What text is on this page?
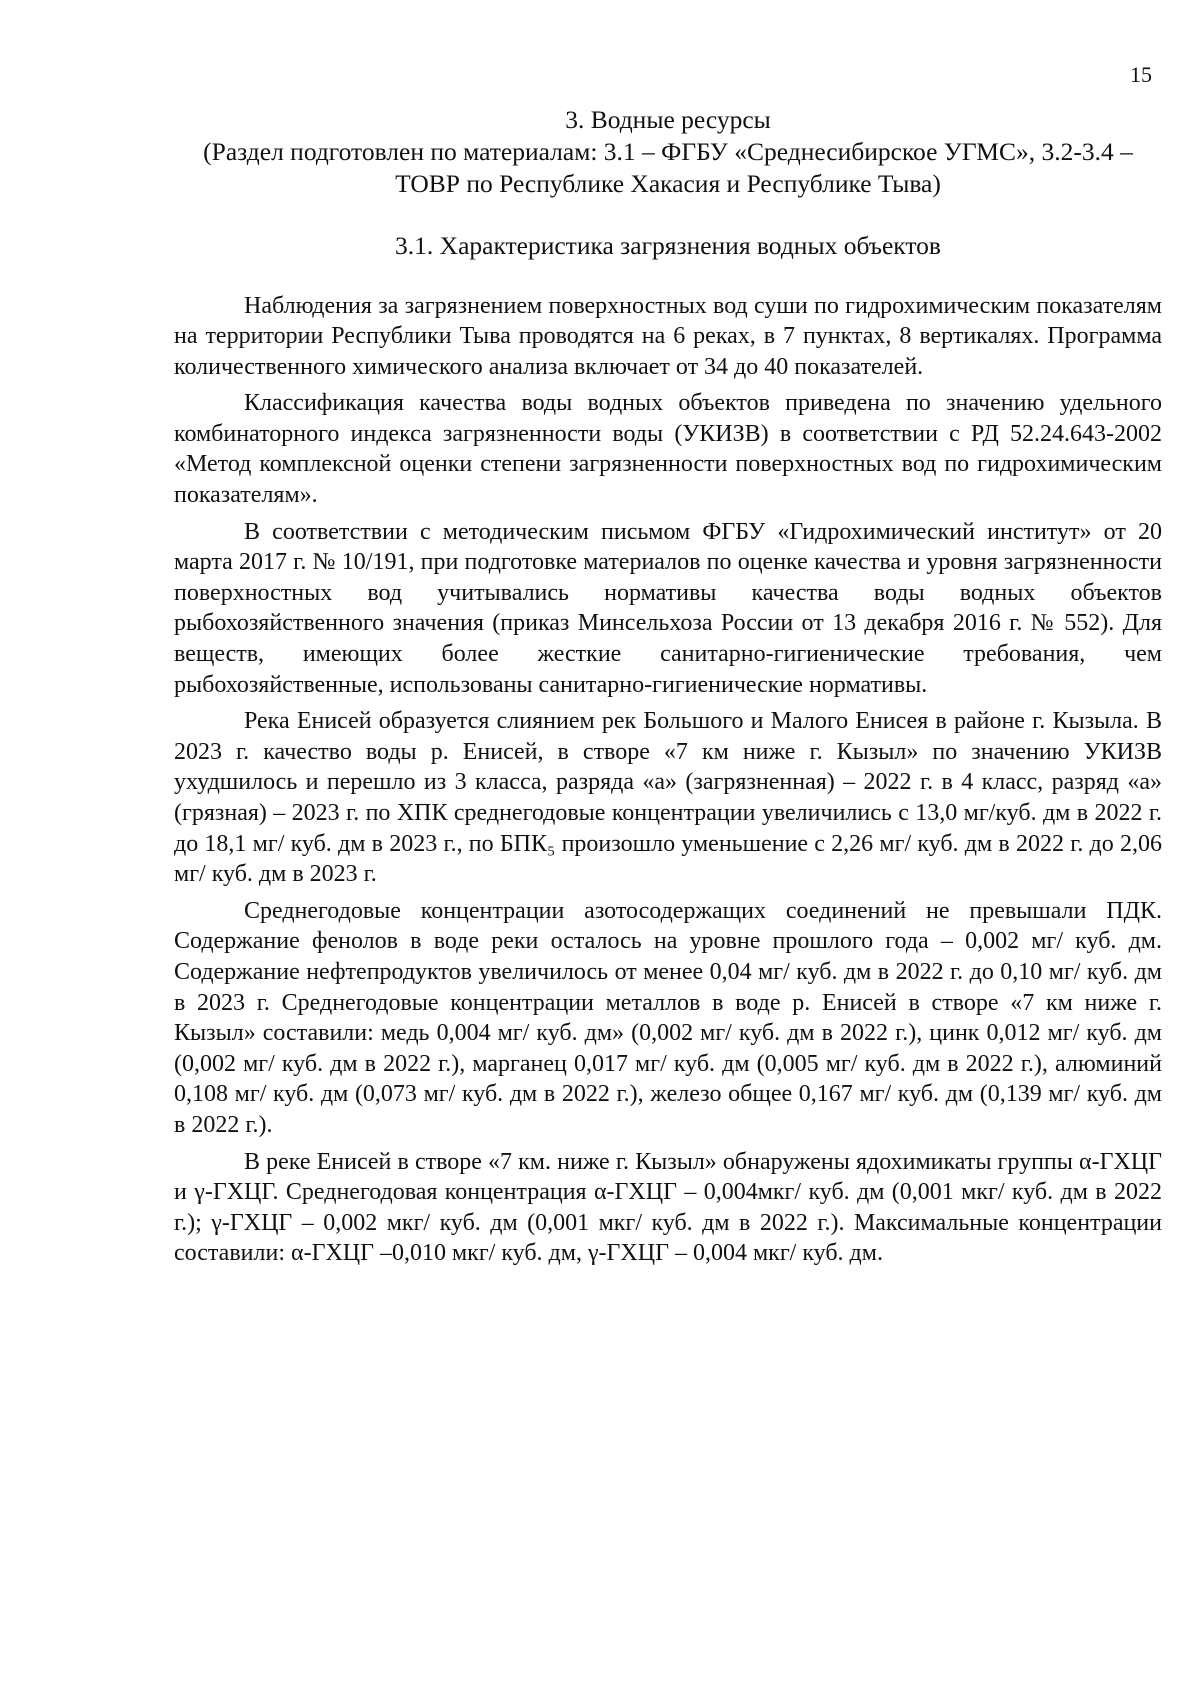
15
3. Водные ресурсы

(Раздел подготовлен по материалам: 3.1 – ФГБУ «Среднесибирское УГМС», 3.2-3.4 – ТОВР по Республике Хакасия и Республике Тыва)

3.1. Характеристика загрязнения водных объектов

Наблюдения за загрязнением поверхностных вод суши по гидрохимическим показателям на территории Республики Тыва проводятся на 6 реках, в 7 пунктах, 8 вертикалях. Программа количественного химического анализа включает от 34 до 40 показателей.

Классификация качества воды водных объектов приведена по значению удельного комбинаторного индекса загрязненности воды (УКИЗВ) в соответствии с РД 52.24.643-2002 «Метод комплексной оценки степени загрязненности поверхностных вод по гидрохимическим показателям».

В соответствии с методическим письмом ФГБУ «Гидрохимический институт» от 20 марта 2017 г. № 10/191, при подготовке материалов по оценке качества и уровня загрязненности поверхностных вод учитывались нормативы качества воды водных объектов рыбохозяйственного значения (приказ Минсельхоза России от 13 декабря 2016 г. № 552). Для веществ, имеющих более жесткие санитарно-гигиенические требования, чем рыбохозяйственные, использованы санитарно-гигиенические нормативы.

Река Енисей образуется слиянием рек Большого и Малого Енисея в районе г. Кызыла. В 2023 г. качество воды р. Енисей, в створе «7 км ниже г. Кызыл» по значению УКИЗВ ухудшилось и перешло из 3 класса, разряда «а» (загрязненная) – 2022 г. в 4 класс, разряд «а» (грязная) – 2023 г. по ХПК среднегодовые концентрации увеличились с 13,0 мг/куб. дм в 2022 г. до 18,1 мг/ куб. дм в 2023 г., по БПК₅ произошло уменьшение с 2,26 мг/ куб. дм в 2022 г. до 2,06 мг/ куб. дм в 2023 г.

Среднегодовые концентрации азотосодержащих соединений не превышали ПДК. Содержание фенолов в воде реки осталось на уровне прошлого года – 0,002 мг/ куб. дм. Содержание нефтепродуктов увеличилось от менее 0,04 мг/ куб. дм в 2022 г. до 0,10 мг/ куб. дм в 2023 г. Среднегодовые концентрации металлов в воде р. Енисей в створе «7 км ниже г. Кызыл» составили: медь 0,004 мг/ куб. дм» (0,002 мг/ куб. дм в 2022 г.), цинк 0,012 мг/ куб. дм (0,002 мг/ куб. дм в 2022 г.), марганец 0,017 мг/ куб. дм (0,005 мг/ куб. дм в 2022 г.), алюминий 0,108 мг/ куб. дм (0,073 мг/ куб. дм в 2022 г.), железо общее 0,167 мг/ куб. дм (0,139 мг/ куб. дм в 2022 г.).

В реке Енисей в створе «7 км. ниже г. Кызыл» обнаружены ядохимикаты группы α-ГХЦГ и γ-ГХЦГ. Среднегодовая концентрация α-ГХЦГ – 0,004мкг/ куб. дм (0,001 мкг/ куб. дм в 2022 г.); γ-ГХЦГ – 0,002 мкг/ куб. дм (0,001 мкг/ куб. дм в 2022 г.). Максимальные концентрации составили: α-ГХЦГ –0,010 мкг/ куб. дм, γ-ГХЦГ – 0,004 мкг/ куб. дм.
